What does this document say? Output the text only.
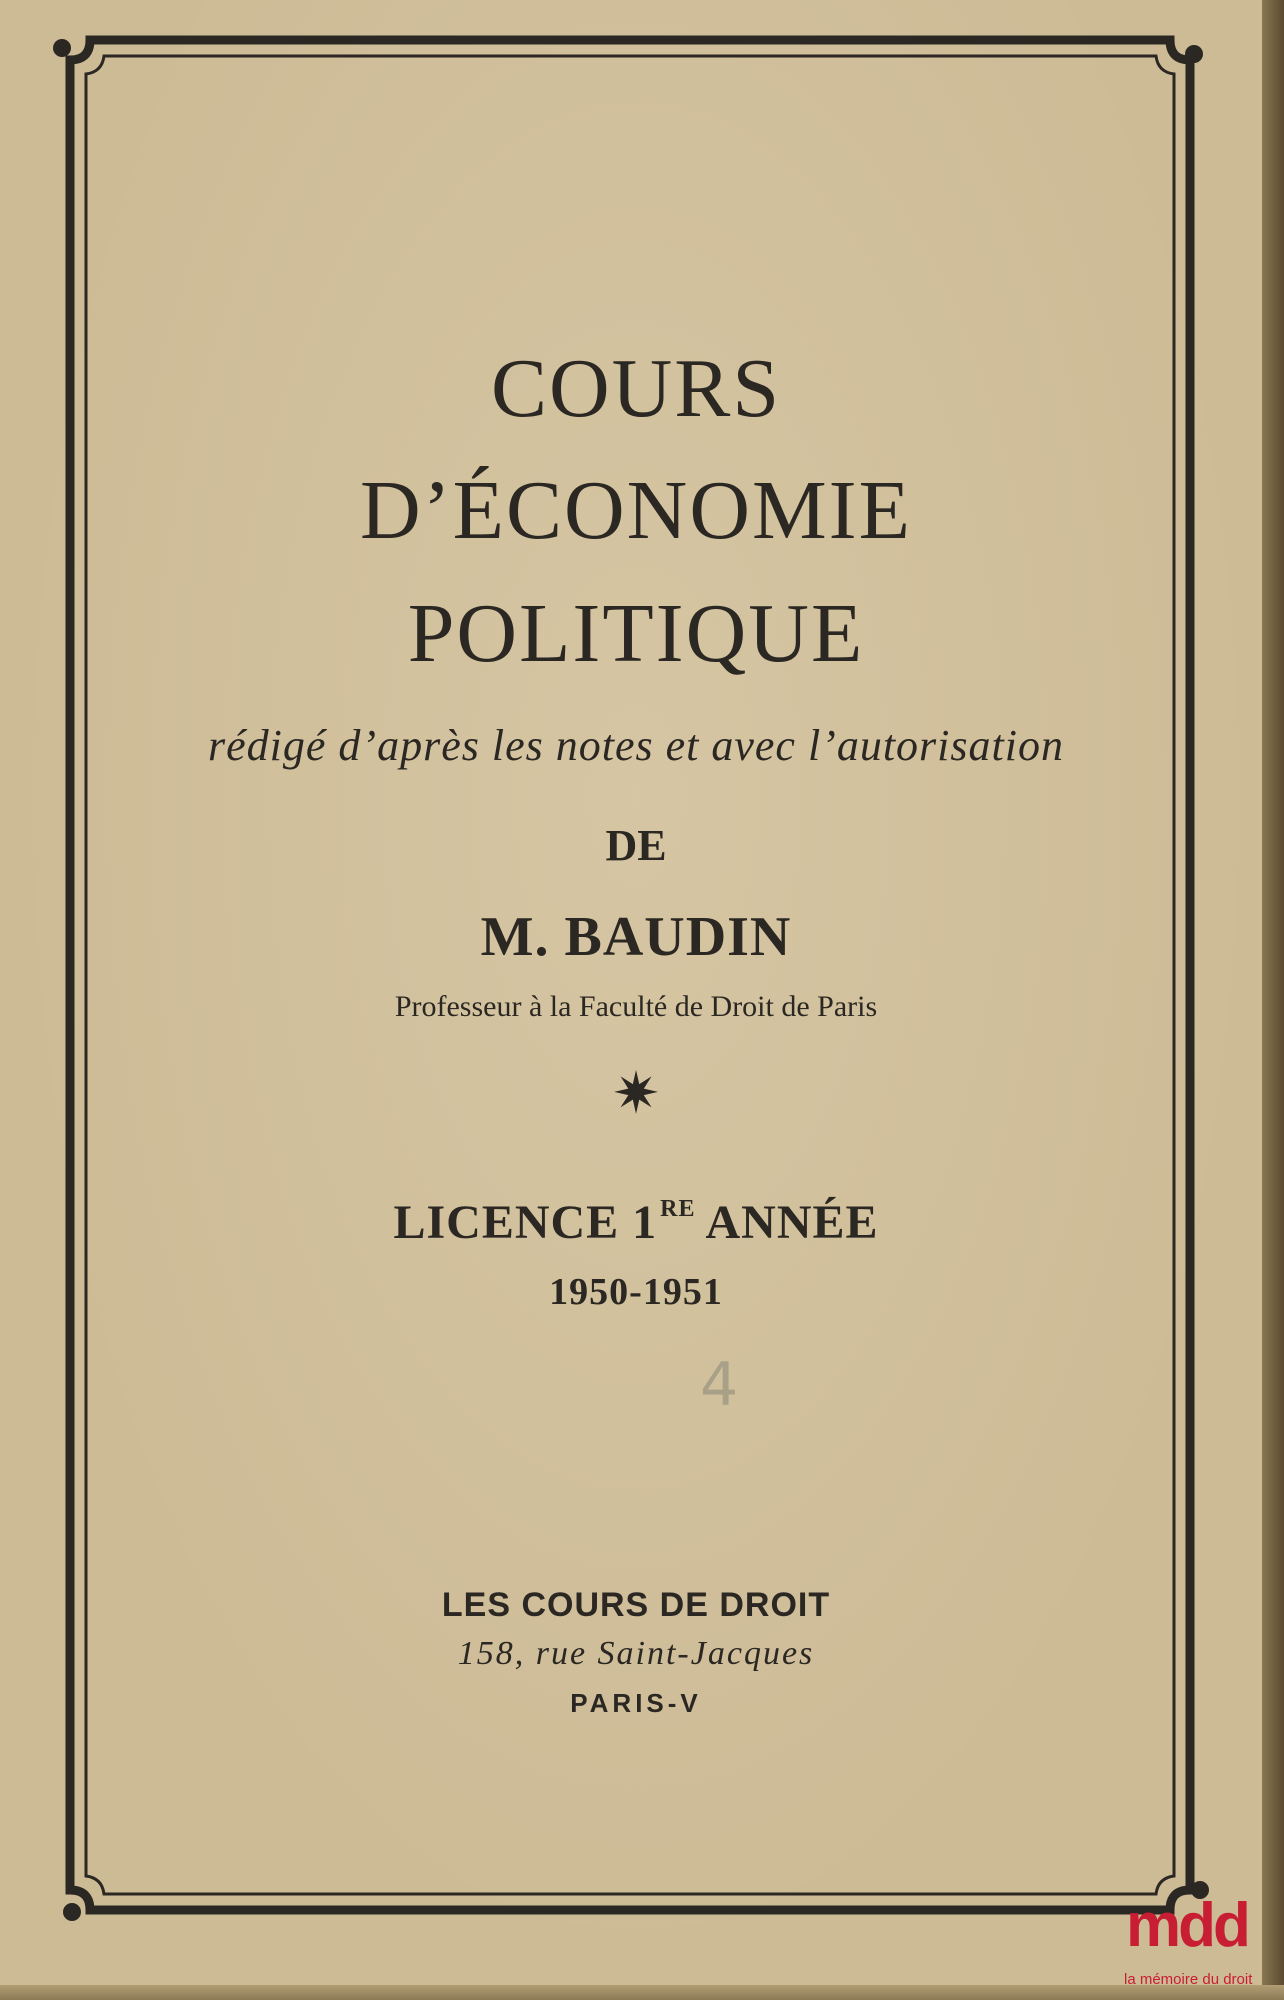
COURS
D’ÉCONOMIE
POLITIQUE
rédigé d’après les notes et avec l’autorisation
DE
M. BAUDIN
Professeur à la Faculté de Droit de Paris
✷
LICENCE 1 $^{RE}$ ANNÉE
1950-1951
4
LES COURS DE DROIT
158, rue Saint-Jacques
PARIS-V
mdd
la mémoire du droit
